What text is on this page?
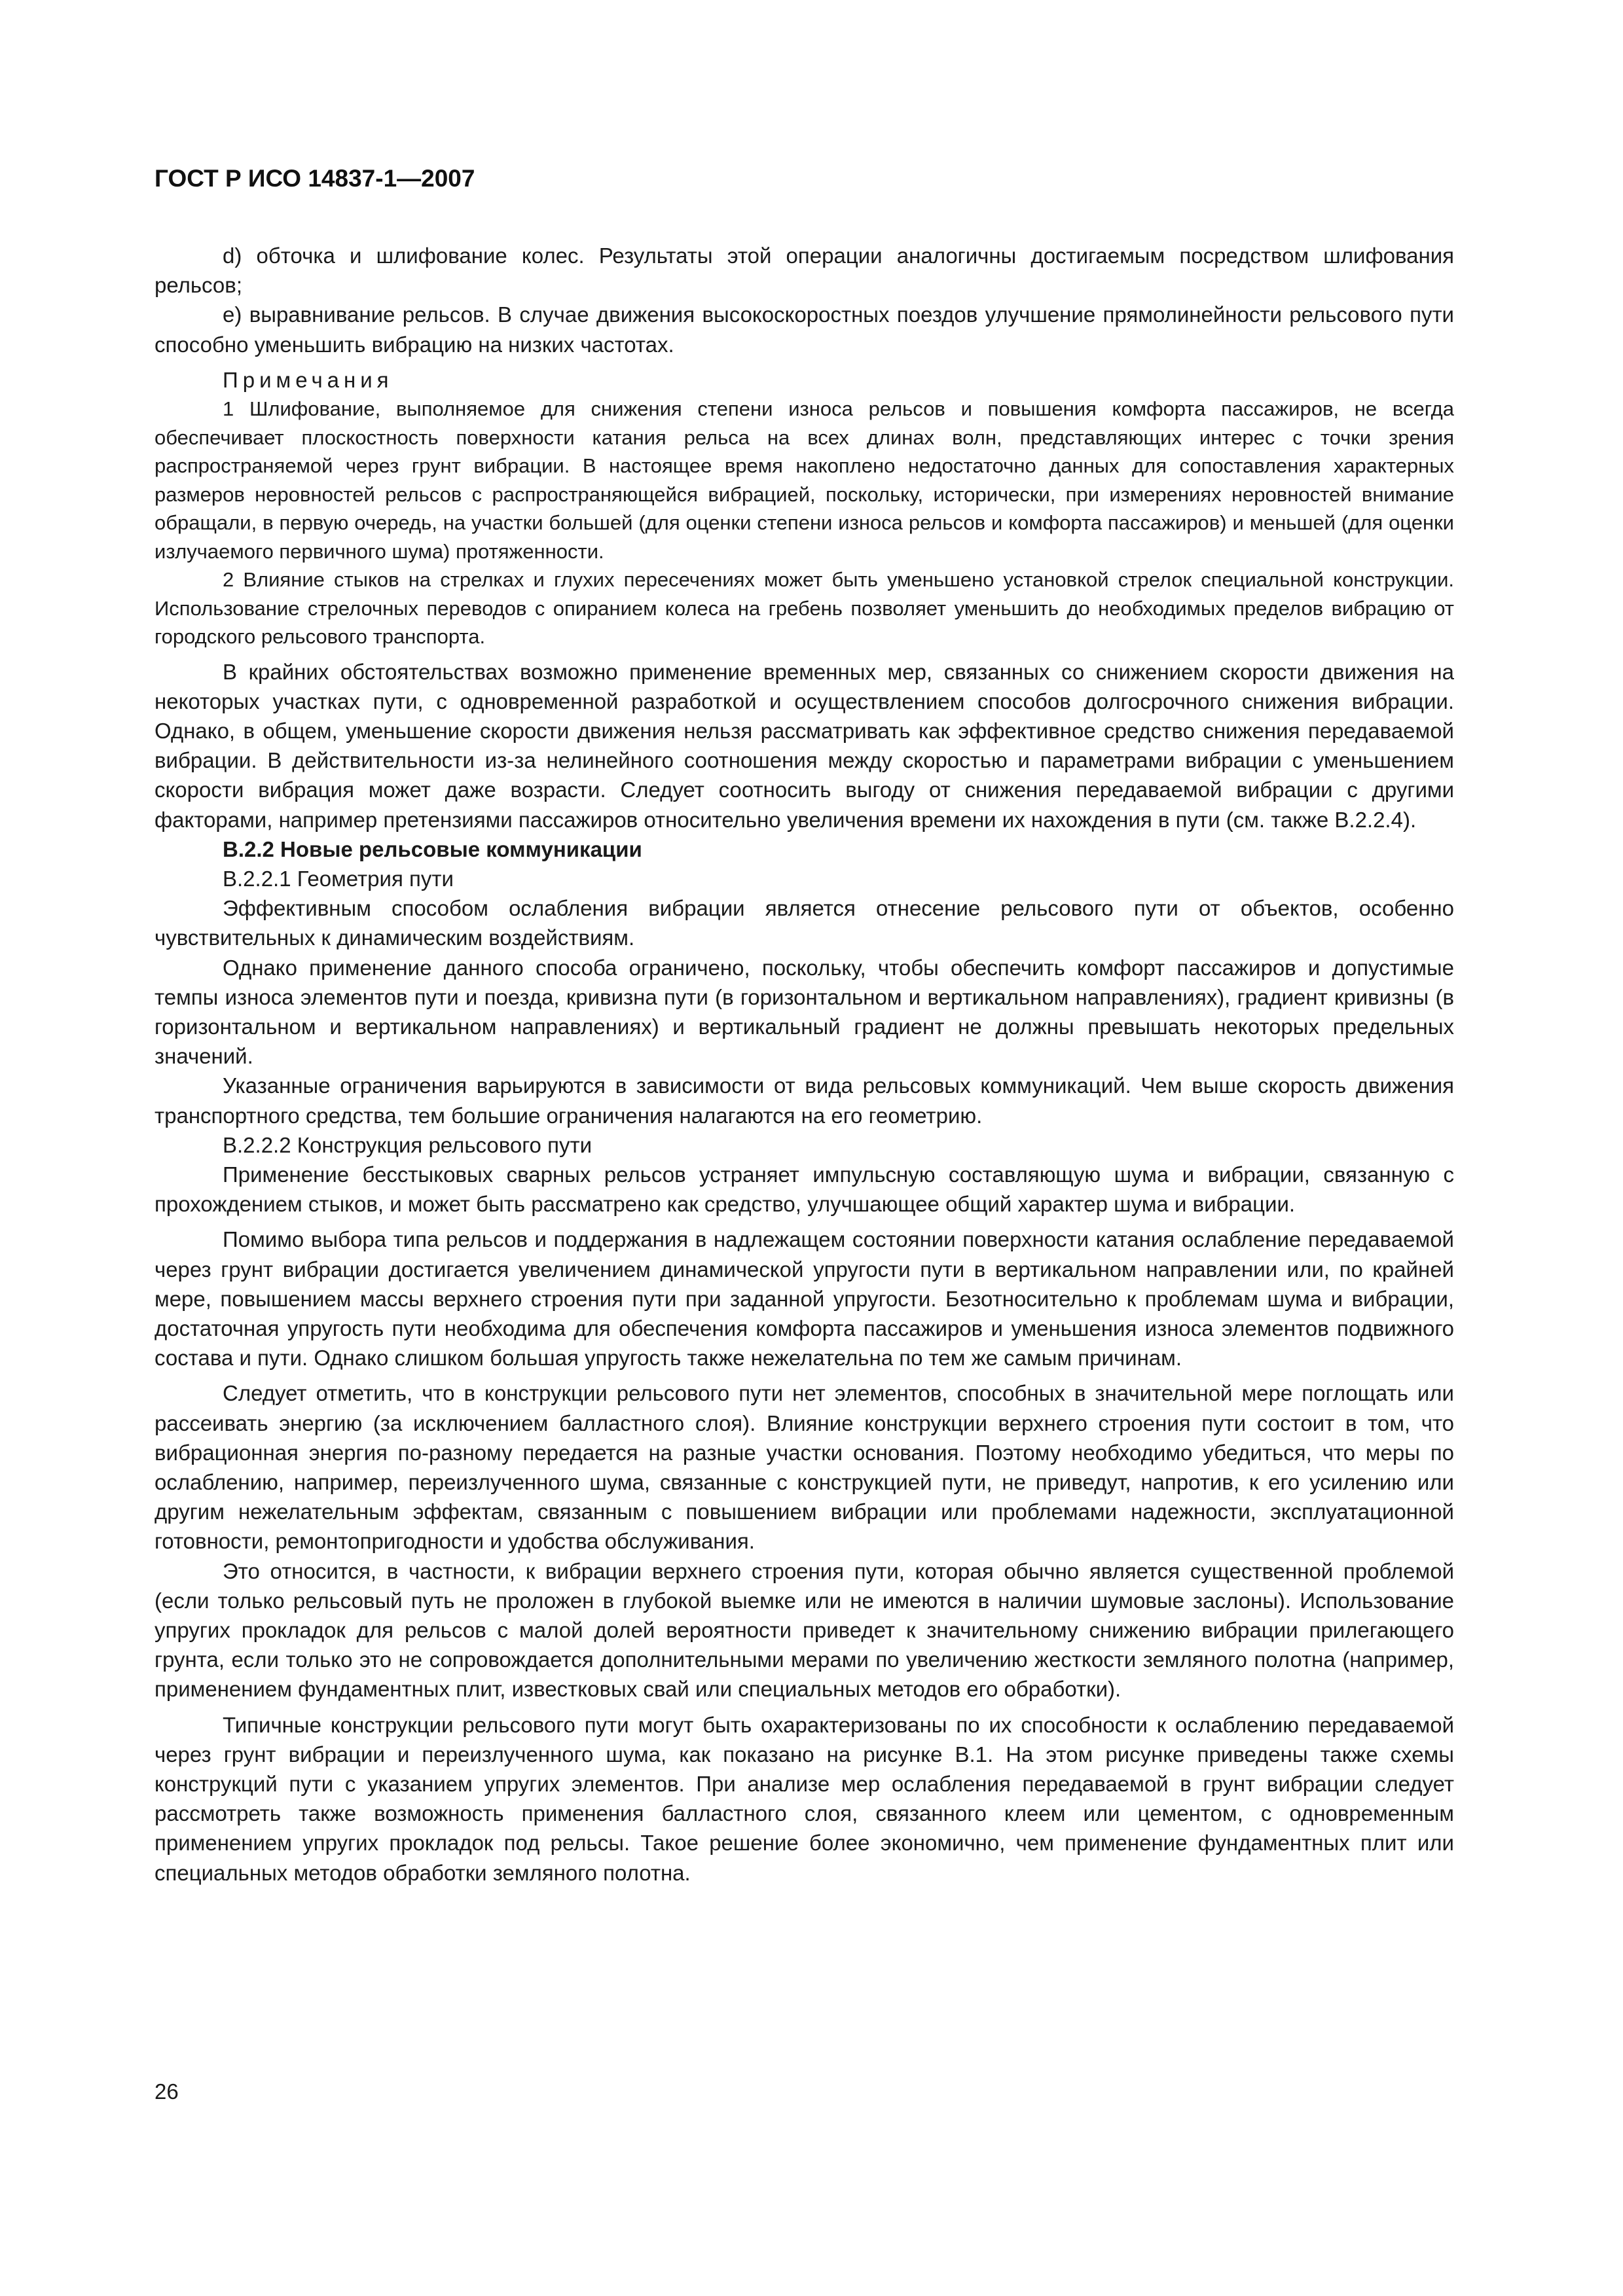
ГОСТ Р ИСО 14837-1—2007

d) обточка и шлифование колес. Результаты этой операции аналогичны достигаемым посредством шлифования рельсов;

е) выравнивание рельсов. В случае движения высокоскоростных поездов улучшение прямолинейности рельсового пути способно уменьшить вибрацию на низких частотах.

Примечания

1 Шлифование, выполняемое для снижения степени износа рельсов и повышения комфорта пассажиров, не всегда обеспечивает плоскостность поверхности катания рельса на всех длинах волн, представляющих интерес с точки зрения распространяемой через грунт вибрации. В настоящее время накоплено недостаточно данных для сопоставления характерных размеров неровностей рельсов с распространяющейся вибрацией, поскольку, исторически, при измерениях неровностей внимание обращали, в первую очередь, на участки большей (для оценки степени износа рельсов и комфорта пассажиров) и меньшей (для оценки излучаемого первичного шума) протяженности.

2 Влияние стыков на стрелках и глухих пересечениях может быть уменьшено установкой стрелок специальной конструкции. Использование стрелочных переводов с опиранием колеса на гребень позволяет уменьшить до необходимых пределов вибрацию от городского рельсового транспорта.

В крайних обстоятельствах возможно применение временных мер, связанных со снижением скорости движения на некоторых участках пути, с одновременной разработкой и осуществлением способов долгосрочного снижения вибрации. Однако, в общем, уменьшение скорости движения нельзя рассматривать как эффективное средство снижения передаваемой вибрации. В действительности из-за нелинейного соотношения между скоростью и параметрами вибрации с уменьшением скорости вибрация может даже возрасти. Следует соотносить выгоду от снижения передаваемой вибрации с другими факторами, например претензиями пассажиров относительно увеличения времени их нахождения в пути (см. также В.2.2.4).

В.2.2 Новые рельсовые коммуникации

В.2.2.1 Геометрия пути

Эффективным способом ослабления вибрации является отнесение рельсового пути от объектов, особенно чувствительных к динамическим воздействиям.

Однако применение данного способа ограничено, поскольку, чтобы обеспечить комфорт пассажиров и допустимые темпы износа элементов пути и поезда, кривизна пути (в горизонтальном и вертикальном направлениях), градиент кривизны (в горизонтальном и вертикальном направлениях) и вертикальный градиент не должны превышать некоторых предельных значений.

Указанные ограничения варьируются в зависимости от вида рельсовых коммуникаций. Чем выше скорость движения транспортного средства, тем большие ограничения налагаются на его геометрию.

В.2.2.2 Конструкция рельсового пути

Применение бесстыковых сварных рельсов устраняет импульсную составляющую шума и вибрации, связанную с прохождением стыков, и может быть рассматрено как средство, улучшающее общий характер шума и вибрации.

Помимо выбора типа рельсов и поддержания в надлежащем состоянии поверхности катания ослабление передаваемой через грунт вибрации достигается увеличением динамической упругости пути в вертикальном направлении или, по крайней мере, повышением массы верхнего строения пути при заданной упругости. Безотносительно к проблемам шума и вибрации, достаточная упругость пути необходима для обеспечения комфорта пассажиров и уменьшения износа элементов подвижного состава и пути. Однако слишком большая упругость также нежелательна по тем же самым причинам.

Следует отметить, что в конструкции рельсового пути нет элементов, способных в значительной мере поглощать или рассеивать энергию (за исключением балластного слоя). Влияние конструкции верхнего строения пути состоит в том, что вибрационная энергия по-разному передается на разные участки основания. Поэтому необходимо убедиться, что меры по ослаблению, например, переизлученного шума, связанные с конструкцией пути, не приведут, напротив, к его усилению или другим нежелательным эффектам, связанным с повышением вибрации или проблемами надежности, эксплуатационной готовности, ремонтопригодности и удобства обслуживания.

Это относится, в частности, к вибрации верхнего строения пути, которая обычно является существенной проблемой (если только рельсовый путь не проложен в глубокой выемке или не имеются в наличии шумовые заслоны). Использование упругих прокладок для рельсов с малой долей вероятности приведет к значительному снижению вибрации прилегающего грунта, если только это не сопровождается дополнительными мерами по увеличению жесткости земляного полотна (например, применением фундаментных плит, известковых свай или специальных методов его обработки).

Типичные конструкции рельсового пути могут быть охарактеризованы по их способности к ослаблению передаваемой через грунт вибрации и переизлученного шума, как показано на рисунке В.1. На этом рисунке приведены также схемы конструкций пути с указанием упругих элементов. При анализе мер ослабления передаваемой в грунт вибрации следует рассмотреть также возможность применения балластного слоя, связанного клеем или цементом, с одновременным применением упругих прокладок под рельсы. Такое решение более экономично, чем применение фундаментных плит или специальных методов обработки земляного полотна.

26
